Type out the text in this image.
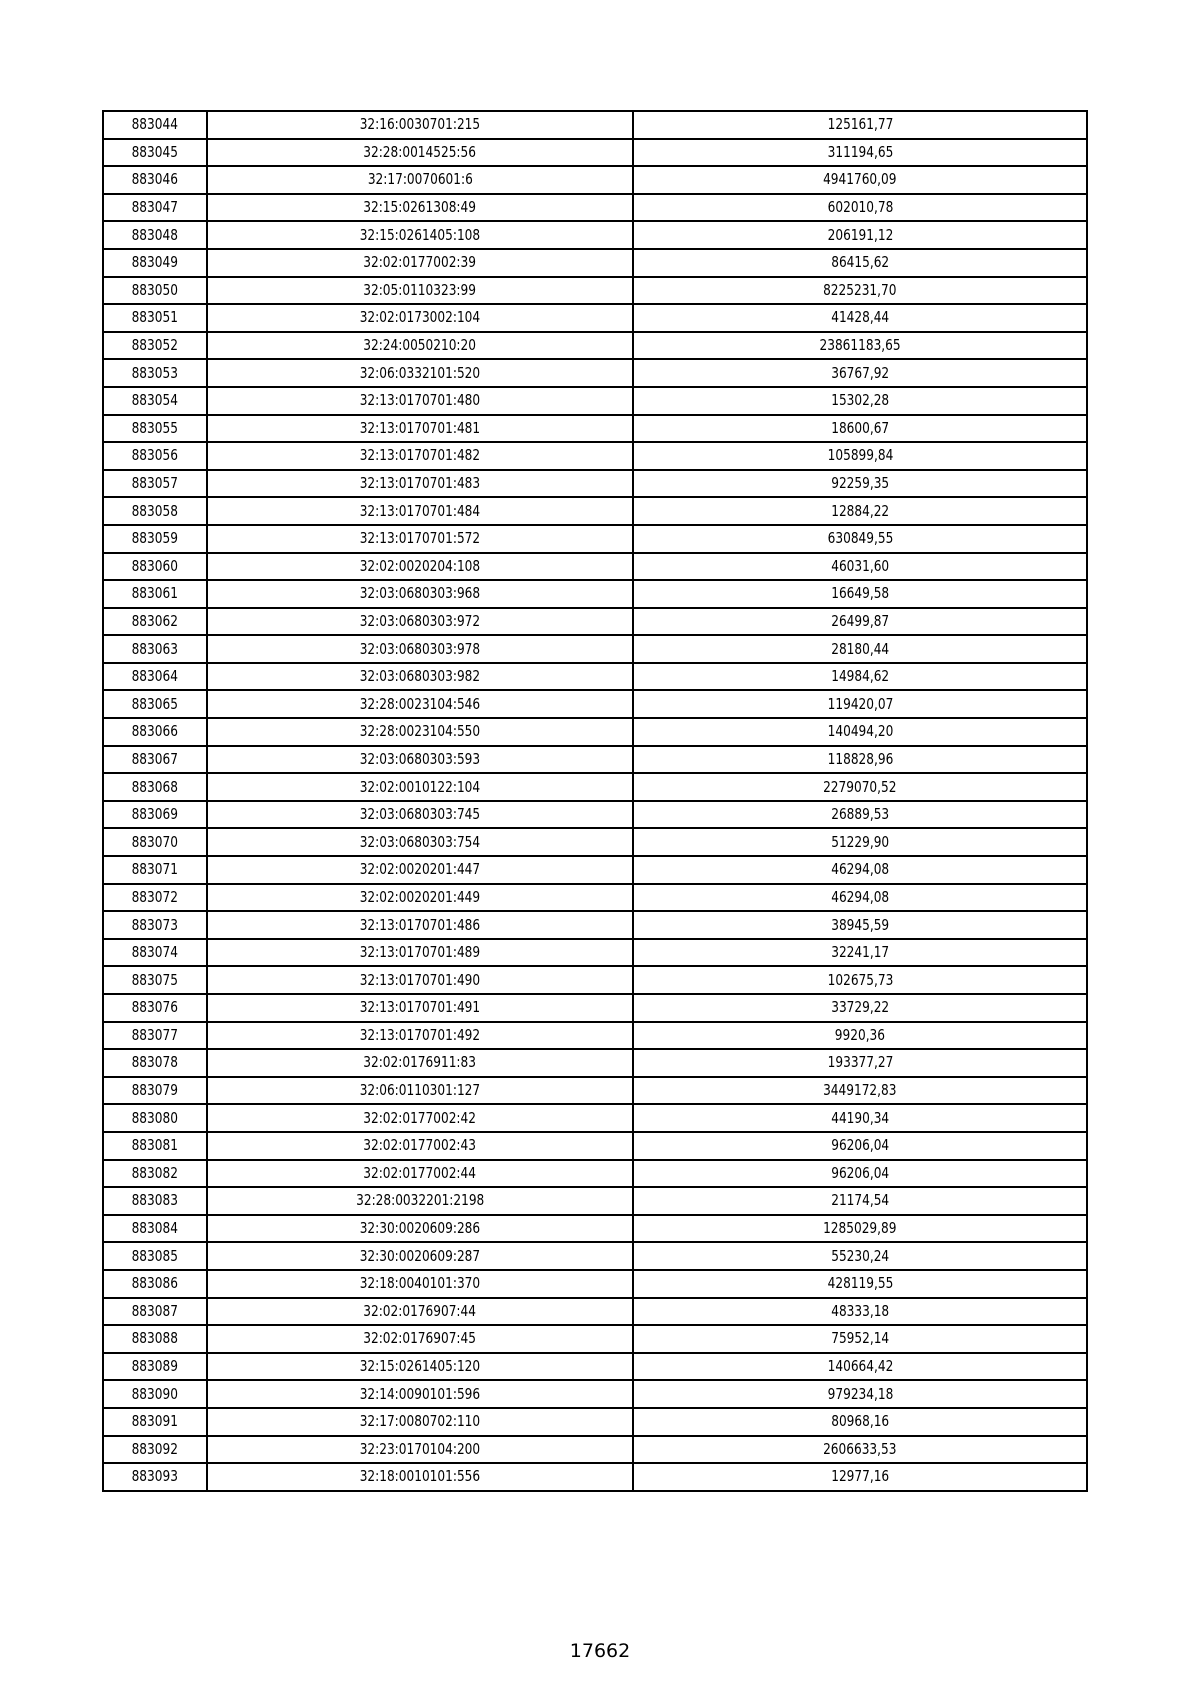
883044	32:16:0030701:215	125161,77
883045	32:28:0014525:56	311194,65
883046	32:17:0070601:6	4941760,09
883047	32:15:0261308:49	602010,78
883048	32:15:0261405:108	206191,12
883049	32:02:0177002:39	86415,62
883050	32:05:0110323:99	8225231,70
883051	32:02:0173002:104	41428,44
883052	32:24:0050210:20	23861183,65
883053	32:06:0332101:520	36767,92
883054	32:13:0170701:480	15302,28
883055	32:13:0170701:481	18600,67
883056	32:13:0170701:482	105899,84
883057	32:13:0170701:483	92259,35
883058	32:13:0170701:484	12884,22
883059	32:13:0170701:572	630849,55
883060	32:02:0020204:108	46031,60
883061	32:03:0680303:968	16649,58
883062	32:03:0680303:972	26499,87
883063	32:03:0680303:978	28180,44
883064	32:03:0680303:982	14984,62
883065	32:28:0023104:546	119420,07
883066	32:28:0023104:550	140494,20
883067	32:03:0680303:593	118828,96
883068	32:02:0010122:104	2279070,52
883069	32:03:0680303:745	26889,53
883070	32:03:0680303:754	51229,90
883071	32:02:0020201:447	46294,08
883072	32:02:0020201:449	46294,08
883073	32:13:0170701:486	38945,59
883074	32:13:0170701:489	32241,17
883075	32:13:0170701:490	102675,73
883076	32:13:0170701:491	33729,22
883077	32:13:0170701:492	9920,36
883078	32:02:0176911:83	193377,27
883079	32:06:0110301:127	3449172,83
883080	32:02:0177002:42	44190,34
883081	32:02:0177002:43	96206,04
883082	32:02:0177002:44	96206,04
883083	32:28:0032201:2198	21174,54
883084	32:30:0020609:286	1285029,89
883085	32:30:0020609:287	55230,24
883086	32:18:0040101:370	428119,55
883087	32:02:0176907:44	48333,18
883088	32:02:0176907:45	75952,14
883089	32:15:0261405:120	140664,42
883090	32:14:0090101:596	979234,18
883091	32:17:0080702:110	80968,16
883092	32:23:0170104:200	2606633,53
883093	32:18:0010101:556	12977,16
17662
